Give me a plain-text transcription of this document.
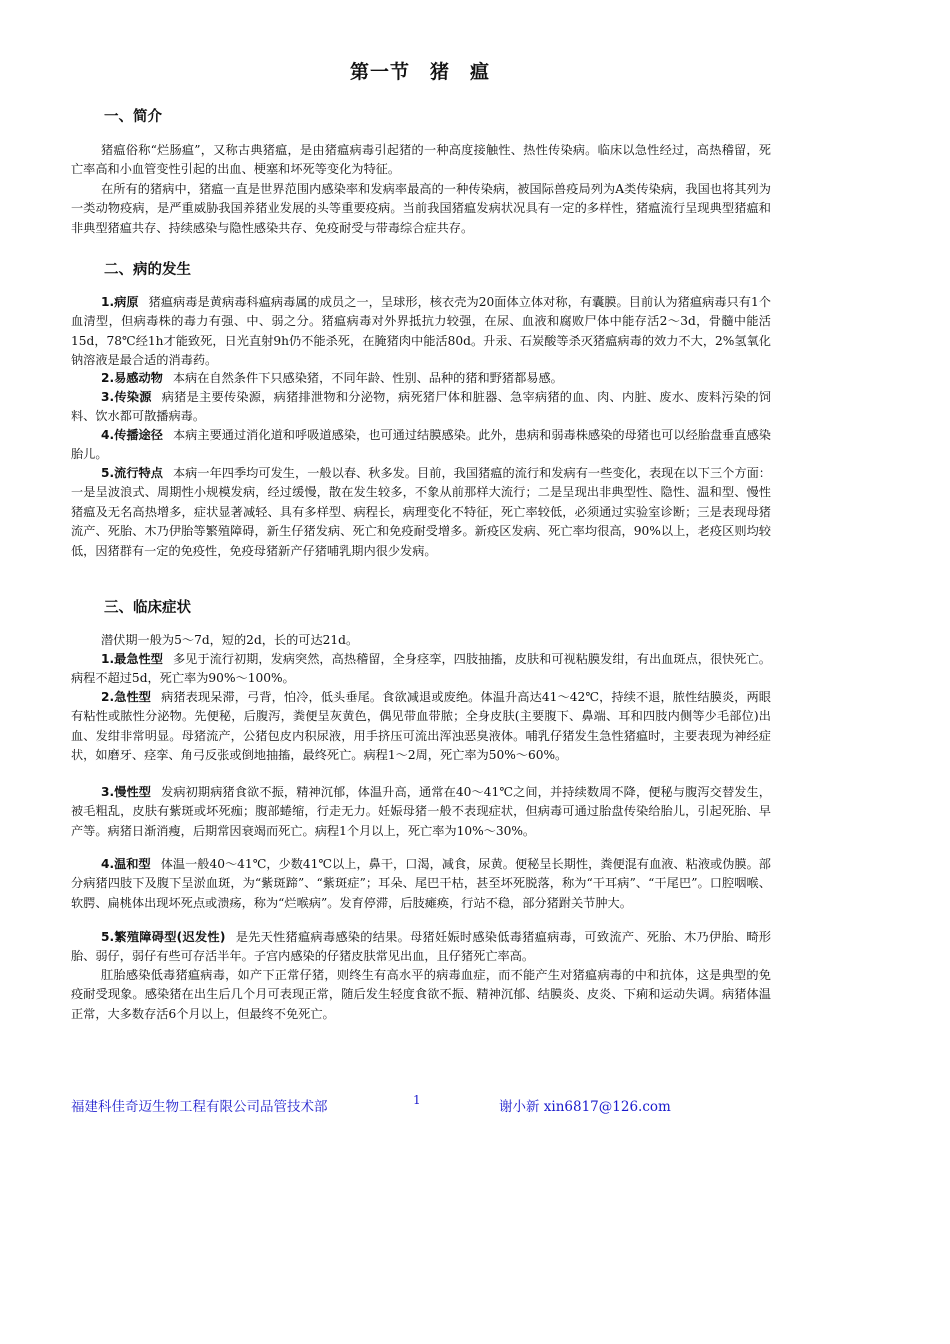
第一节　猪　瘟
一、简介
猪瘟俗称“烂肠瘟”，又称古典猪瘟，是由猪瘟病毒引起猪的一种高度接触性、热性传染病。临床以急性经过，高热稽留，死亡率高和小血管变性引起的出血、梗塞和坏死等变化为特征。
在所有的猪病中，猪瘟一直是世界范围内感染率和发病率最高的一种传染病，被国际兽疫局列为A类传染病，我国也将其列为一类动物疫病，是严重威胁我国养猪业发展的头等重要疫病。当前我国猪瘟发病状况具有一定的多样性，猪瘟流行呈现典型猪瘟和非典型猪瘟共存、持续感染与隐性感染共存、免疫耐受与带毒综合症共存。
二、病的发生
1.病原 猪瘟病毒是黄病毒科瘟病毒属的成员之一，呈球形，核衣壳为20面体立体对称，有囊膜。目前认为猪瘟病毒只有1个血清型，但病毒株的毒力有强、中、弱之分。猪瘟病毒对外界抵抗力较强，在尿、血液和腐败尸体中能存活2～3d，骨髓中能活15d，78℃经1h才能致死，日光直射9h仍不能杀死，在腌猪肉中能活80d。升汞、石炭酸等杀灭猪瘟病毒的效力不大，2%氢氧化钠溶液是最合适的消毒药。
2.易感动物 本病在自然条件下只感染猪，不同年龄、性别、品种的猪和野猪都易感。
3.传染源 病猪是主要传染源，病猪排泄物和分泌物，病死猪尸体和脏器、急宰病猪的血、肉、内脏、废水、废料污染的饲料、饮水都可散播病毒。
4.传播途径 本病主要通过消化道和呼吸道感染，也可通过结膜感染。此外，患病和弱毒株感染的母猪也可以经胎盘垂直感染胎儿。
5.流行特点 本病一年四季均可发生，一般以春、秋多发。目前，我国猪瘟的流行和发病有一些变化，表现在以下三个方面：一是呈波浪式、周期性小规模发病，经过缓慢，散在发生较多，不象从前那样大流行；二是呈现出非典型性、隐性、温和型、慢性猪瘟及无名高热增多，症状显著减轻、具有多样型、病程长，病理变化不特征，死亡率较低，必须通过实验室诊断；三是表现母猪流产、死胎、木乃伊胎等繁殖障碍，新生仔猪发病、死亡和免疫耐受增多。新疫区发病、死亡率均很高，90%以上，老疫区则均较低，因猪群有一定的免疫性，免疫母猪新产仔猪哺乳期内很少发病。
三、临床症状
潜伏期一般为5～7d，短的2d，长的可达21d。
1.最急性型 多见于流行初期，发病突然，高热稽留，全身痉挛，四肢抽搐，皮肤和可视粘膜发绀，有出血斑点，很快死亡。病程不超过5d，死亡率为90%～100%。
2.急性型 病猪表现呆滞，弓背，怕冷，低头垂尾。食欲减退或废绝。体温升高达41～42℃，持续不退，脓性结膜炎，两眼有粘性或脓性分泌物。先便秘，后腹泻，粪便呈灰黄色，偶见带血带脓；全身皮肤(主要腹下、鼻端、耳和四肢内侧等少毛部位)出血、发绀非常明显。母猪流产，公猪包皮内积尿液，用手挤压可流出浑浊恶臭液体。哺乳仔猪发生急性猪瘟时，主要表现为神经症状，如磨牙、痉挛、角弓反张或倒地抽搐，最终死亡。病程1～2周，死亡率为50%～60%。
3.慢性型 发病初期病猪食欲不振，精神沉郁，体温升高，通常在40～41℃之间，并持续数周不降，便秘与腹泻交替发生，被毛粗乱，皮肤有紫斑或坏死痂；腹部蜷缩，行走无力。妊娠母猪一般不表现症状，但病毒可通过胎盘传染给胎儿，引起死胎、早产等。病猪日渐消瘦，后期常因衰竭而死亡。病程1个月以上，死亡率为10%～30%。
4.温和型 体温一般40～41℃，少数41℃以上，鼻干，口渴，减食，尿黄。便秘呈长期性，粪便混有血液、粘液或伪膜。部分病猪四肢下及腹下呈淤血斑，为“紫斑蹄”、“紫斑症”；耳朵、尾巴干枯，甚至坏死脱落，称为“干耳病”、“干尾巴”。口腔咽喉、软腭、扁桃体出现坏死点或溃疡，称为“烂喉病”。发育停滞，后肢瘫痪，行站不稳，部分猪跗关节肿大。
5.繁殖障碍型(迟发性) 是先天性猪瘟病毒感染的结果。母猪妊娠时感染低毒猪瘟病毒，可致流产、死胎、木乃伊胎、畸形胎、弱仔，弱仔有些可存活半年。子宫内感染的仔猪皮肤常见出血，且仔猪死亡率高。
肛胎感染低毒猪瘟病毒，如产下正常仔猪，则终生有高水平的病毒血症，而不能产生对猪瘟病毒的中和抗体，这是典型的免疫耐受现象。感染猪在出生后几个月可表现正常，随后发生轻度食欲不振、精神沉郁、结膜炎、皮炎、下痢和运动失调。病猪体温正常，大多数存活6个月以上，但最终不免死亡。
福建科佳奇迈生物工程有限公司品管技术部	1	谢小新 xin6817@126.com
